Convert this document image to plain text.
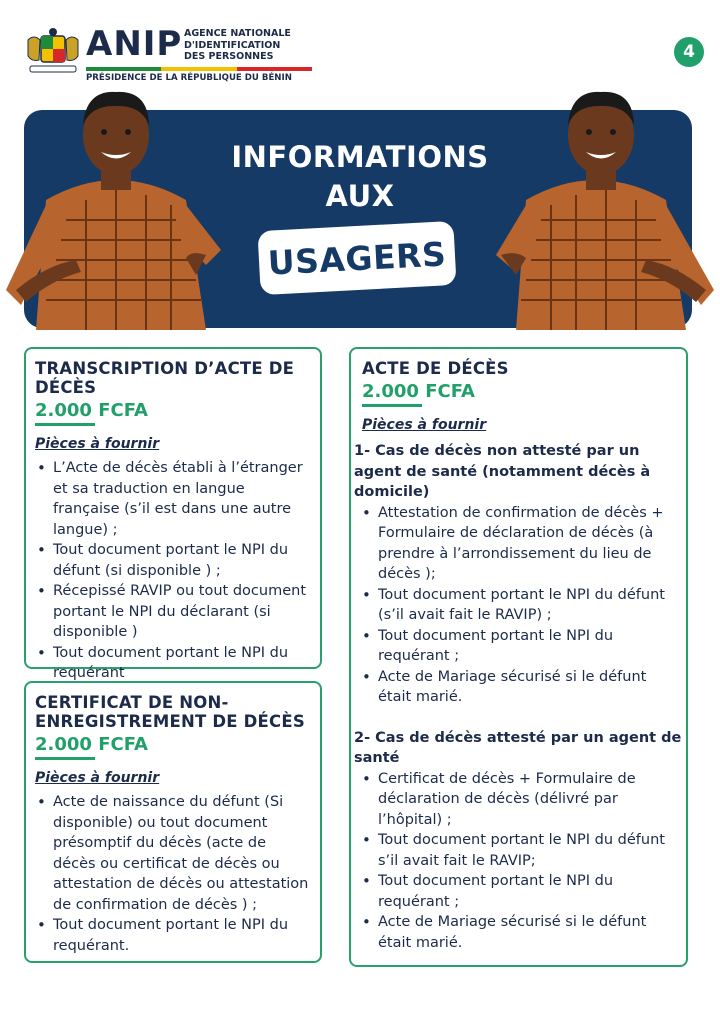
ANIP AGENCE NATIONALE
D'IDENTIFICATION
DES PERSONNES
PRÉSIDENCE DE LA RÉPUBLIQUE DU BÉNIN
4
INFORMATIONS
AUX
USAGERS
TRANSCRIPTION D’ACTE DE DÉCÈS
2.000 FCFA
Pièces à fournir
• L’Acte de décès établi à l’étranger et sa traduction en langue française (s’il est dans une autre langue) ;
• Tout document portant le NPI du défunt (si disponible ) ;
• Récepissé RAVIP ou tout document portant le NPI du déclarant (si disponible )
• Tout document portant le NPI du requérant
CERTIFICAT DE NON-ENREGISTREMENT DE DÉCÈS
2.000 FCFA
Pièces à fournir
• Acte de naissance du défunt (Si disponible) ou tout document présomptif du décès (acte de décès ou certificat de décès ou attestation de décès ou attestation de confirmation de décès ) ;
• Tout document portant le NPI du requérant.
ACTE DE DÉCÈS
2.000 FCFA
Pièces à fournir
1- Cas de décès non attesté par un agent de santé (notamment décès à domicile)
• Attestation de confirmation de décès + Formulaire de déclaration de décès (à prendre à l’arrondissement du lieu de décès );
• Tout document portant le NPI du défunt (s’il avait fait le RAVIP) ;
• Tout document portant le NPI du requérant ;
• Acte de Mariage sécurisé si le défunt était marié.
2- Cas de décès attesté par un agent de santé
• Certificat de décès + Formulaire de déclaration de décès (délivré par l’hôpital) ;
• Tout document portant le NPI du défunt s’il avait fait le RAVIP;
• Tout document portant le NPI du requérant ;
• Acte de Mariage sécurisé si le défunt était marié.
